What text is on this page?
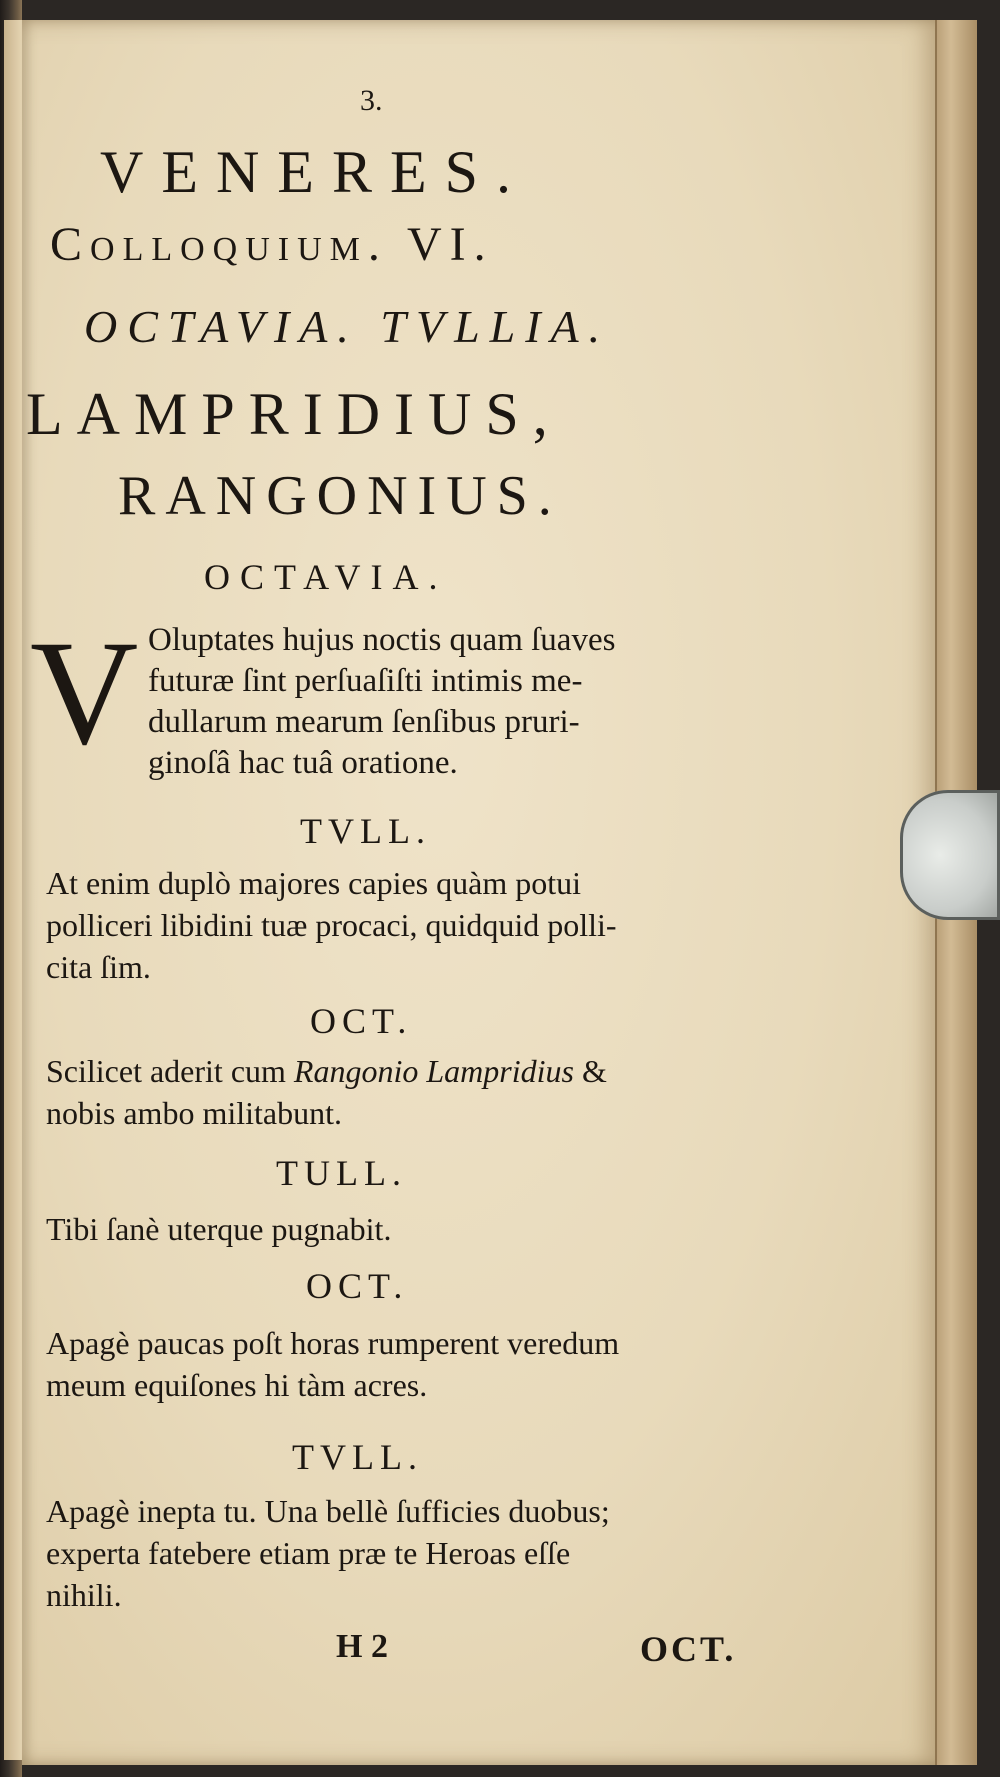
3.
VENERES.
Colloquium. VI.
OCTAVIA. TVLLIA.
LAMPRIDIUS,
RANGONIUS.
OCTAVIA.
V Oluptates hujus noctis quam ſuaves
futuræ ſint perſuaſiſti intimis me-
dullarum mearum ſenſibus pruri-
ginoſâ hac tuâ oratione.
TVLL.
At enim duplò majores capies quàm potui
polliceri libidini tuæ procaci, quidquid polli-
cita ſim.
OCT.
Scilicet aderit cum Rangonio Lampridius &
nobis ambo militabunt.
TULL.
Tibi ſanè uterque pugnabit.
OCT.
Apagè paucas poſt horas rumperent veredum
meum equiſones hi tàm acres.
TVLL.
Apagè inepta tu. Una bellè ſufficies duobus;
experta fatebere etiam præ te Heroas eſſe
nihili.
H 2	OCT.
